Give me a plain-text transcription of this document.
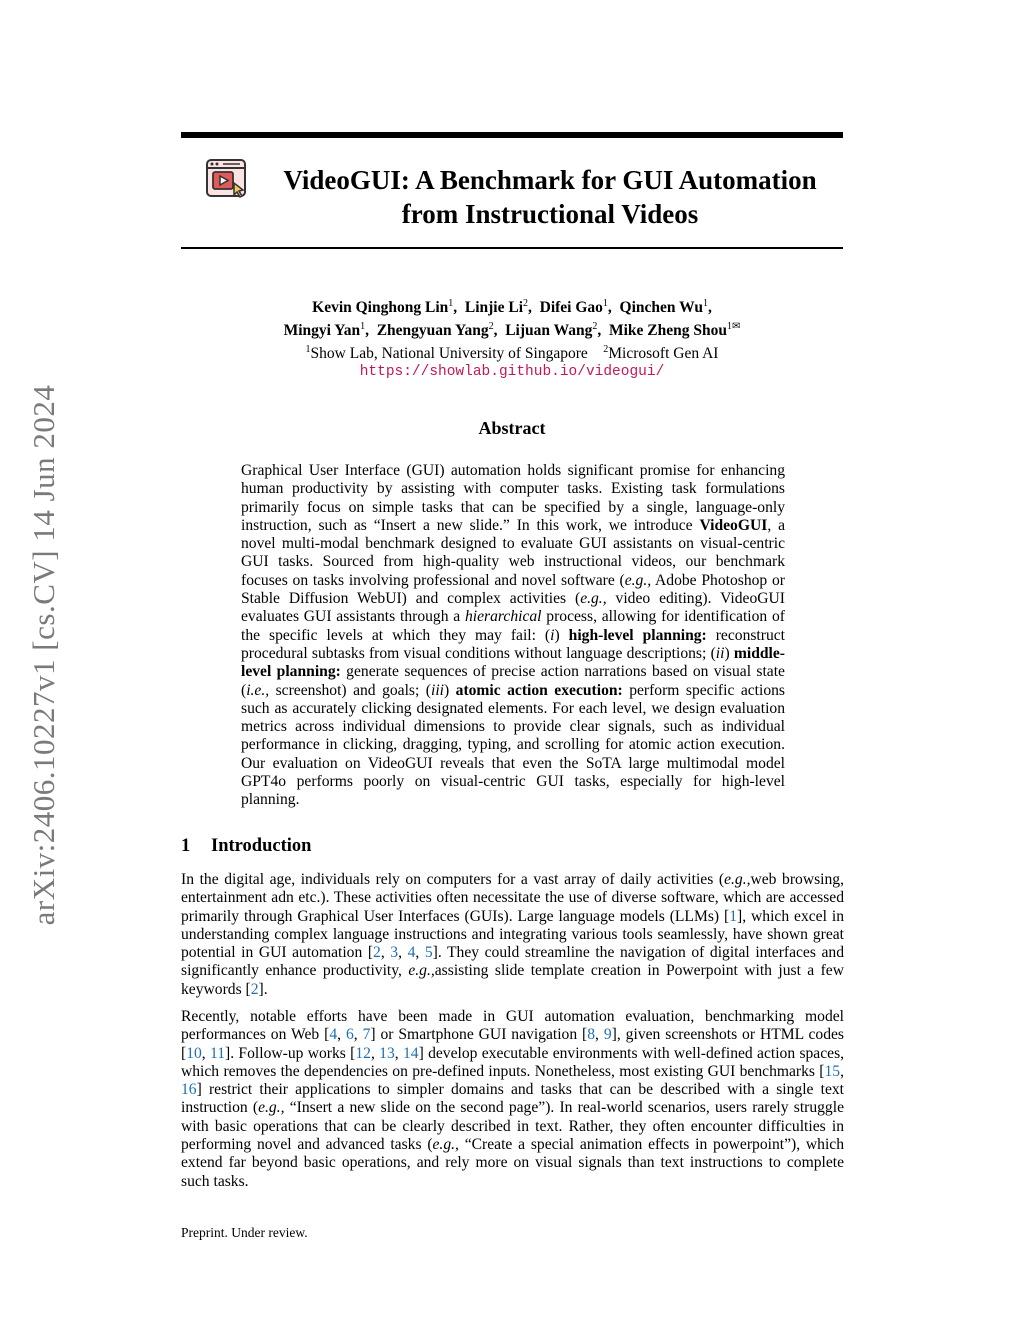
arXiv:2406.10227v1 [cs.CV] 14 Jun 2024
VideoGUI: A Benchmark for GUI Automation
from Instructional Videos
Kevin Qinghong Lin$^1$,  Linjie Li$^2$,  Difei Gao$^1$,  Qinchen Wu$^1$,
Mingyi Yan$^1$,  Zhengyuan Yang$^2$,  Lijuan Wang$^2$,  Mike Zheng Shou$^{1✉}$
$^1$Show Lab, National University of Singapore $^2$Microsoft Gen AI
https://showlab.github.io/videogui/
Abstract
Graphical User Interface (GUI) automation holds significant promise for enhancing human productivity by assisting with computer tasks. Existing task formulations primarily focus on simple tasks that can be specified by a single, language-only instruction, such as “Insert a new slide.” In this work, we introduce VideoGUI, a novel multi-modal benchmark designed to evaluate GUI assistants on visual-centric GUI tasks. Sourced from high-quality web instructional videos, our benchmark focuses on tasks involving professional and novel software (e.g., Adobe Photoshop or Stable Diffusion WebUI) and complex activities (e.g., video editing). VideoGUI evaluates GUI assistants through a hierarchical process, allowing for identification of the specific levels at which they may fail: (i) high-level planning: reconstruct procedural subtasks from visual conditions without language descriptions; (ii) middle-level planning: generate sequences of precise action narrations based on visual state (i.e., screenshot) and goals; (iii) atomic action execution: perform specific actions such as accurately clicking designated elements. For each level, we design evaluation metrics across individual dimensions to provide clear signals, such as individual performance in clicking, dragging, typing, and scrolling for atomic action execution. Our evaluation on VideoGUI reveals that even the SoTA large multimodal model GPT4o performs poorly on visual-centric GUI tasks, especially for high-level planning.
1 Introduction
In the digital age, individuals rely on computers for a vast array of daily activities (e.g.,web browsing, entertainment adn etc.). These activities often necessitate the use of diverse software, which are accessed primarily through Graphical User Interfaces (GUIs). Large language models (LLMs) [1], which excel in understanding complex language instructions and integrating various tools seamlessly, have shown great potential in GUI automation [2, 3, 4, 5]. They could streamline the navigation of digital interfaces and significantly enhance productivity, e.g.,assisting slide template creation in Powerpoint with just a few keywords [2].
Recently, notable efforts have been made in GUI automation evaluation, benchmarking model performances on Web [4, 6, 7] or Smartphone GUI navigation [8, 9], given screenshots or HTML codes [10, 11]. Follow-up works [12, 13, 14] develop executable environments with well-defined action spaces, which removes the dependencies on pre-defined inputs. Nonetheless, most existing GUI benchmarks [15, 16] restrict their applications to simpler domains and tasks that can be described with a single text instruction (e.g., “Insert a new slide on the second page”). In real-world scenarios, users rarely struggle with basic operations that can be clearly described in text. Rather, they often encounter difficulties in performing novel and advanced tasks (e.g., “Create a special animation effects in powerpoint”), which extend far beyond basic operations, and rely more on visual signals than text instructions to complete such tasks.
Preprint. Under review.
